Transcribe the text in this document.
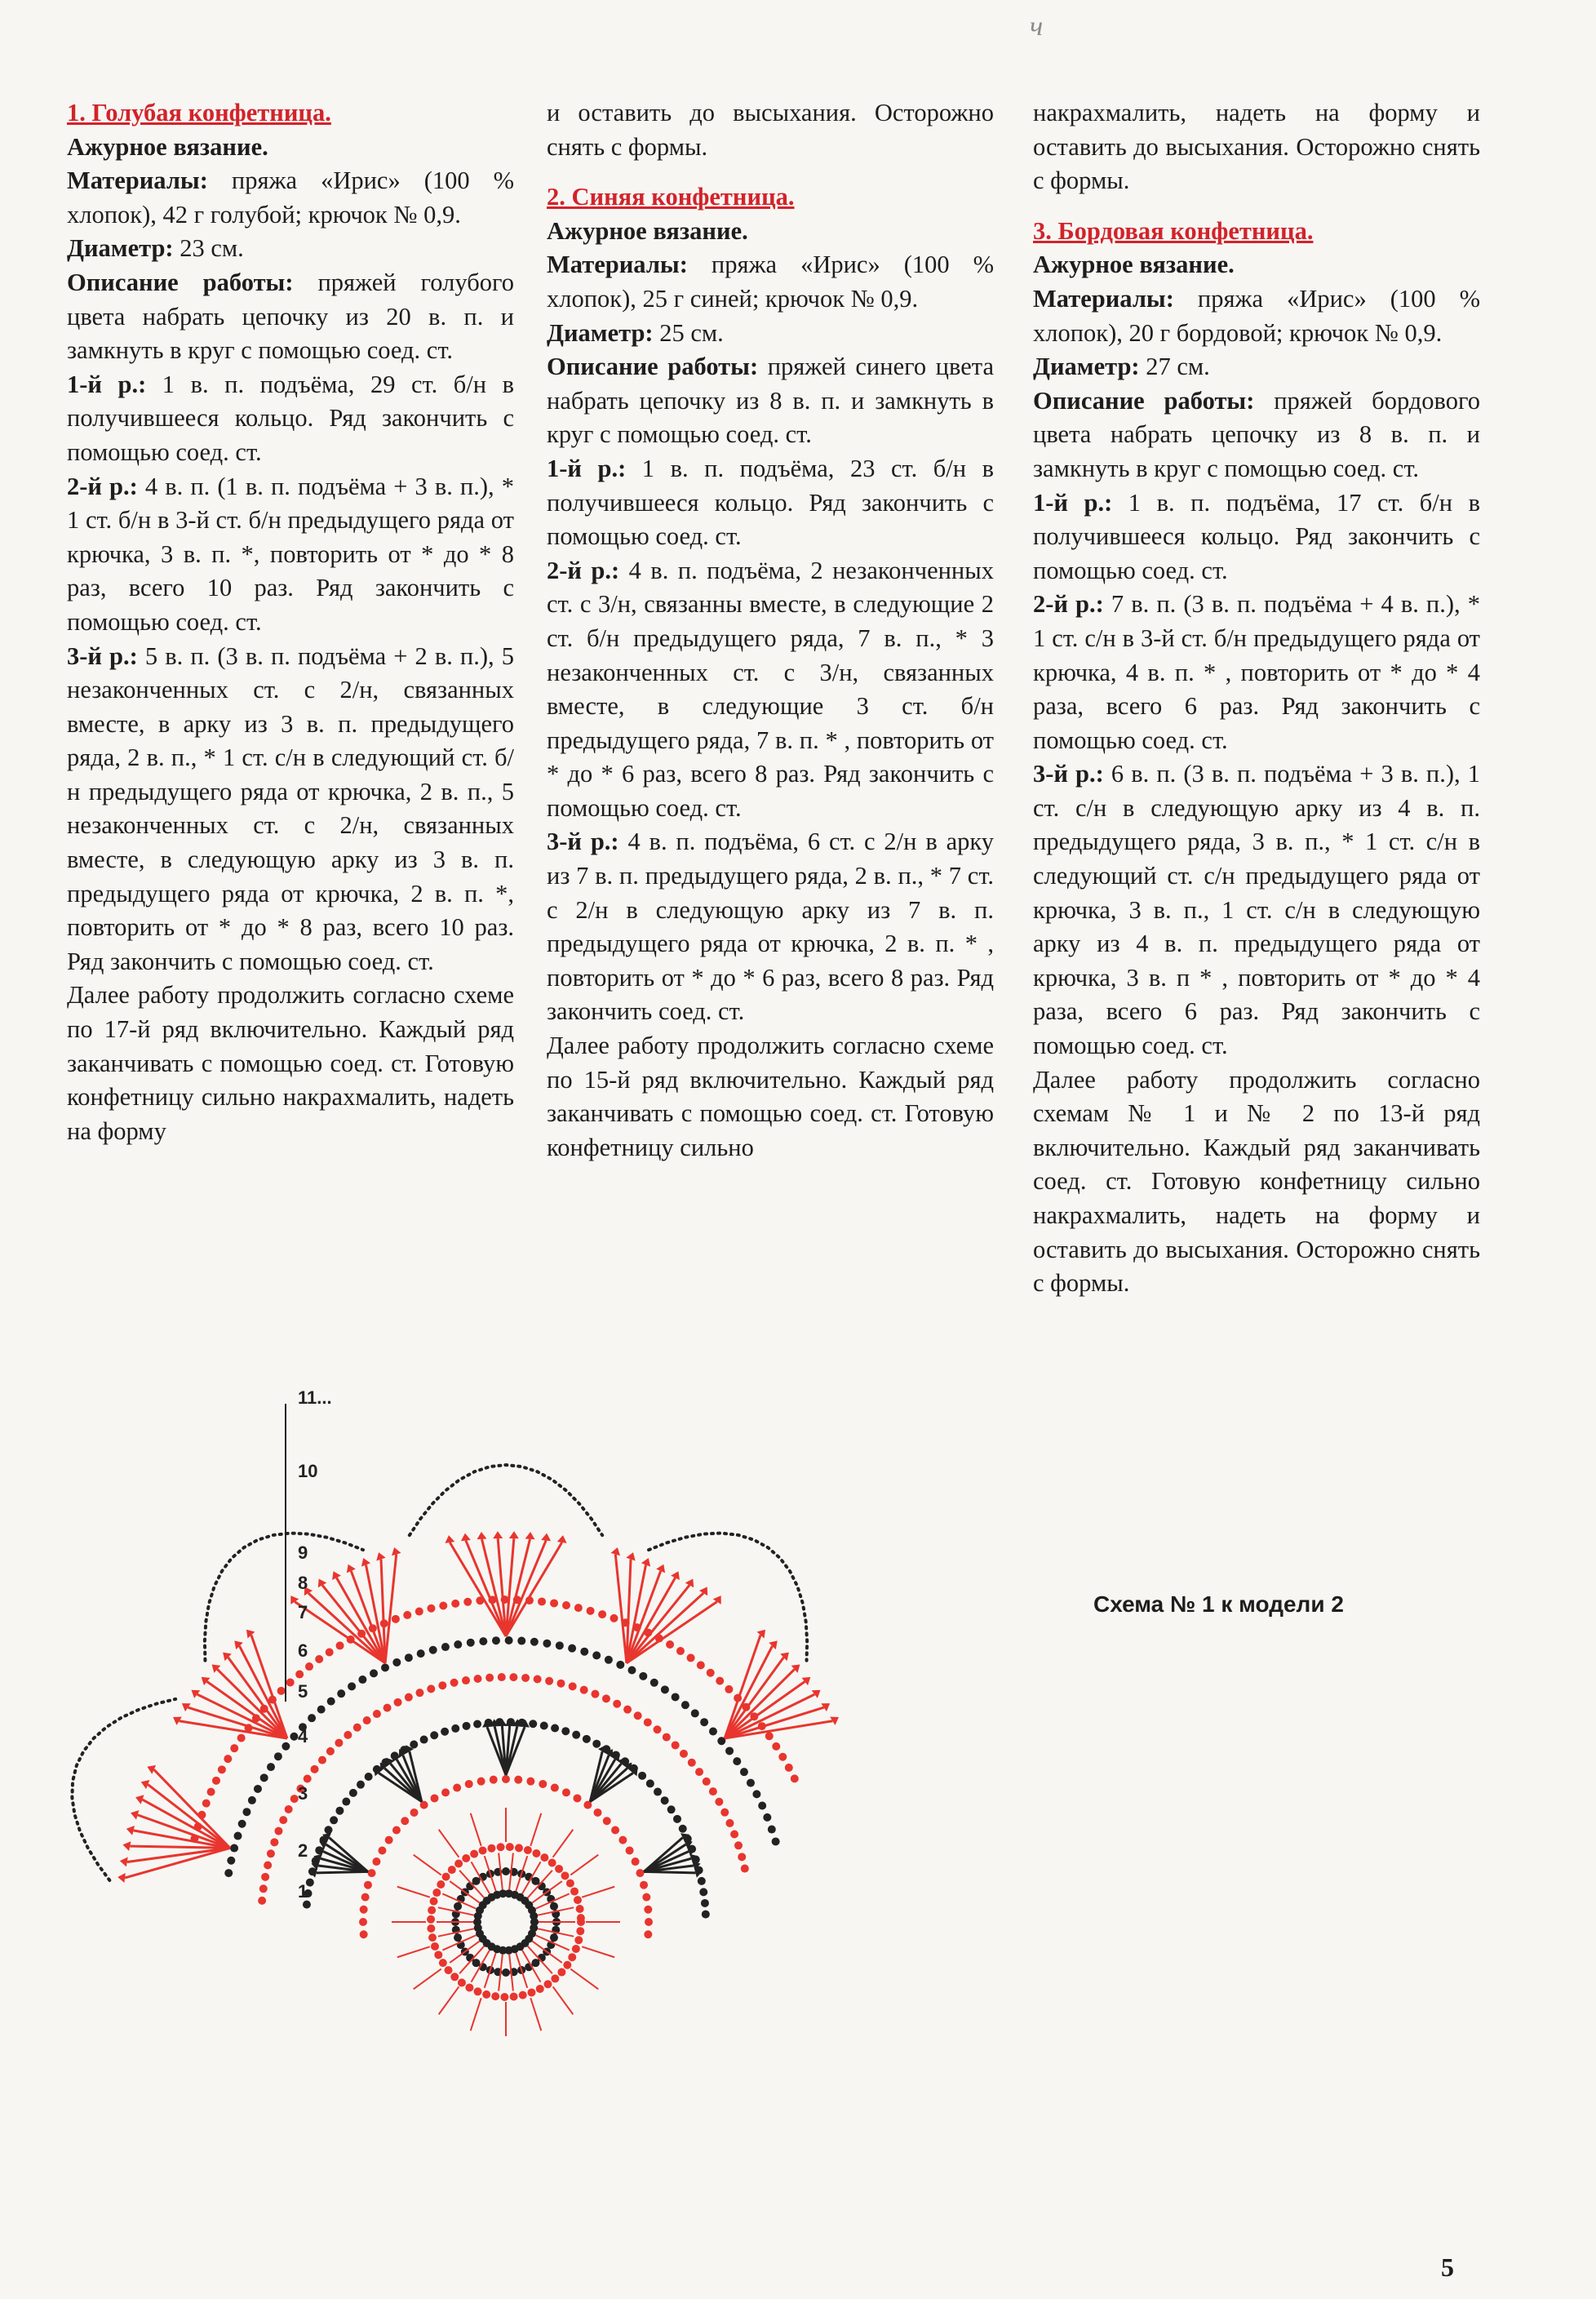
ч

1. Голубая конфетница.

Ажурное вязание.

Материалы: пряжа «Ирис» (100 % хлопок), 42 г голубой; крючок № 0,9.

Диаметр: 23 см.

Описание работы: пряжей голубого цвета набрать цепочку из 20 в. п. и замкнуть в круг с помощью соед. ст.

1-й р.: 1 в. п. подъёма, 29 ст. б/н в получившееся кольцо. Ряд закончить с помощью соед. ст.

2-й р.: 4 в. п. (1 в. п. подъёма + 3 в. п.), * 1 ст. б/н в 3-й ст. б/н предыдущего ряда от крючка, 3 в. п. *, повторить от * до * 8 раз, всего 10 раз. Ряд закончить с помощью соед. ст.

3-й р.: 5 в. п. (3 в. п. подъёма + 2 в. п.), 5 незаконченных ст. с 2/н, связанных вместе, в арку из 3 в. п. предыдущего ряда, 2 в. п., * 1 ст. с/н в следующий ст. б/н предыдущего ряда от крючка, 2 в. п., 5 незаконченных ст. с 2/н, связанных вместе, в следующую арку из 3 в. п. предыдущего ряда от крючка, 2 в. п. *, повторить от * до * 8 раз, всего 10 раз. Ряд закончить с помощью соед. ст.

Далее работу продолжить согласно схеме по 17-й ряд включительно. Каждый ряд заканчивать с помощью соед. ст. Готовую конфетницу сильно накрахмалить, надеть на форму

и оставить до высыхания. Осторожно снять с формы.

2. Синяя конфетница.

Ажурное вязание.

Материалы: пряжа «Ирис» (100 % хлопок), 25 г синей; крючок № 0,9.

Диаметр: 25 см.

Описание работы: пряжей синего цвета набрать цепочку из 8 в. п. и замкнуть в круг с помощью соед. ст.

1-й р.: 1 в. п. подъёма, 23 ст. б/н в получившееся кольцо. Ряд закончить с помощью соед. ст.

2-й р.: 4 в. п. подъёма, 2 незаконченных ст. с 3/н, связанны вместе, в следующие 2 ст. б/н предыдущего ряда, 7 в. п., * 3 незаконченных ст. с 3/н, связанных вместе, в следующие 3 ст. б/н предыдущего ряда, 7 в. п. * , повторить от * до * 6 раз, всего 8 раз. Ряд закончить с помощью соед. ст.

3-й р.: 4 в. п. подъёма, 6 ст. с 2/н в арку из 7 в. п. предыдущего ряда, 2 в. п., * 7 ст. с 2/н в следующую арку из 7 в. п. предыдущего ряда от крючка, 2 в. п. * , повторить от * до * 6 раз, всего 8 раз. Ряд закончить соед. ст.

Далее работу продолжить согласно схеме по 15-й ряд включительно. Каждый ряд заканчивать с помощью соед. ст. Готовую конфетницу сильно

накрахмалить, надеть на форму и оставить до высыхания. Осторожно снять с формы.

3. Бордовая конфетница.

Ажурное вязание.

Материалы: пряжа «Ирис» (100 % хлопок), 20 г бордовой; крючок № 0,9.

Диаметр: 27 см.

Описание работы: пряжей бордового цвета набрать цепочку из 8 в. п. и замкнуть в круг с помощью соед. ст.

1-й р.: 1 в. п. подъёма, 17 ст. б/н в получившееся кольцо. Ряд закончить с помощью соед. ст.

2-й р.: 7 в. п. (3 в. п. подъёма + 4 в. п.), * 1 ст. с/н в 3-й ст. б/н предыдущего ряда от крючка, 4 в. п. * , повторить от * до * 4 раза, всего 6 раз. Ряд закончить с помощью соед. ст.

3-й р.: 6 в. п. (3 в. п. подъёма + 3 в. п.), 1 ст. с/н в следующую арку из 4 в. п. предыдущего ряда, 3 в. п., * 1 ст. с/н в следующий ст. с/н предыдущего ряда от крючка, 3 в. п., 1 ст. с/н в следующую арку из 4 в. п. предыдущего ряда от крючка, 3 в. п * , повторить от * до * 4 раза, всего 6 раз. Ряд закончить с помощью соед. ст.

Далее работу продолжить согласно схемам № 1 и № 2 по 13-й ряд включительно. Каждый ряд заканчивать соед. ст. Готовую конфетницу сильно накрахмалить, надеть на форму и оставить до высыхания. Осторожно снять с формы.

11...
10
9
8
7
6
5
4
3
2
1
Схема № 1 к модели 2
5
